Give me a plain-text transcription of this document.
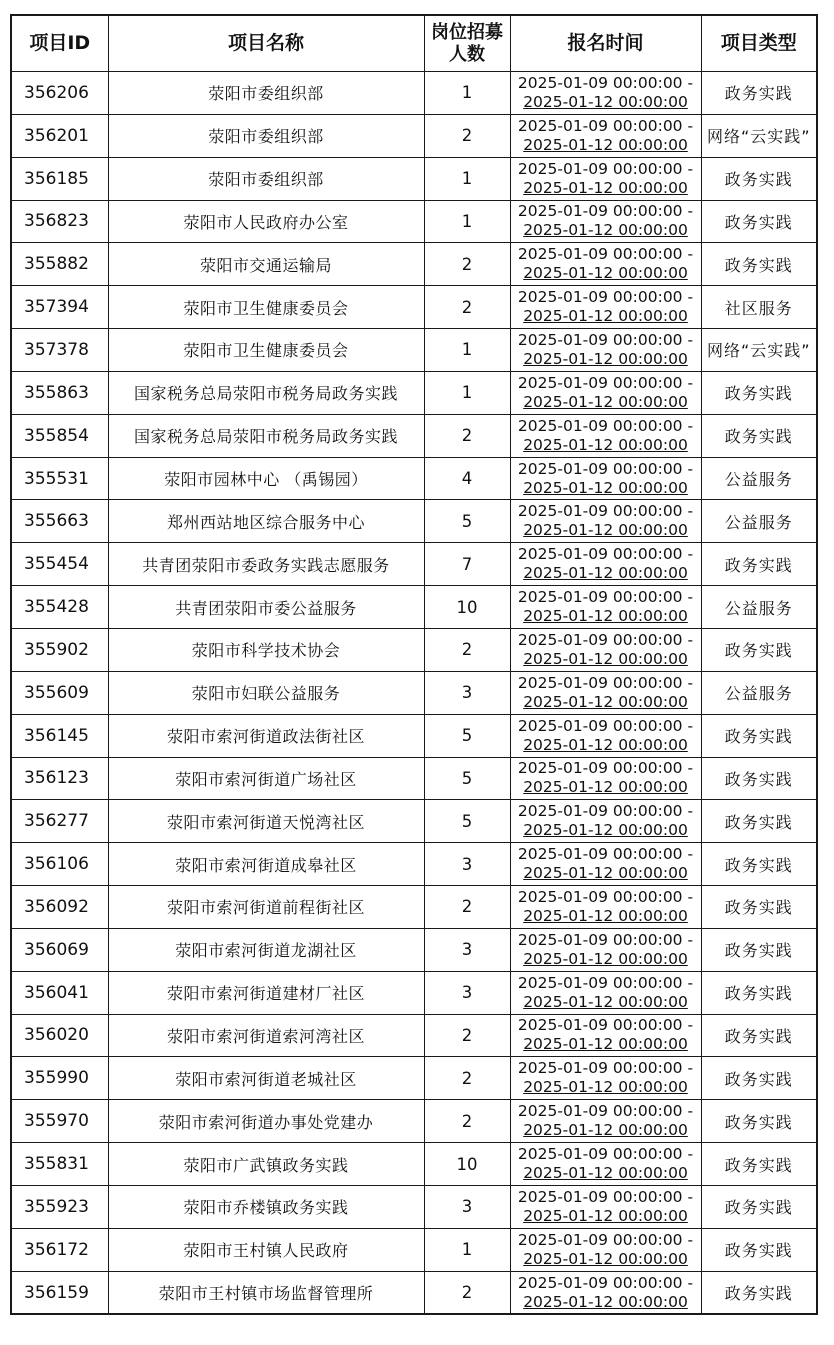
项目ID	项目名称	岗位招募人数	报名时间	项目类型
356206	荥阳市委组织部	1	2025-01-09 00:00:00 -
2025-01-12 00:00:00	政务实践
356201	荥阳市委组织部	2	2025-01-09 00:00:00 -
2025-01-12 00:00:00	网络“云实践”
356185	荥阳市委组织部	1	2025-01-09 00:00:00 -
2025-01-12 00:00:00	政务实践
356823	荥阳市人民政府办公室	1	2025-01-09 00:00:00 -
2025-01-12 00:00:00	政务实践
355882	荥阳市交通运输局	2	2025-01-09 00:00:00 -
2025-01-12 00:00:00	政务实践
357394	荥阳市卫生健康委员会	2	2025-01-09 00:00:00 -
2025-01-12 00:00:00	社区服务
357378	荥阳市卫生健康委员会	1	2025-01-09 00:00:00 -
2025-01-12 00:00:00	网络“云实践”
355863	国家税务总局荥阳市税务局政务实践	1	2025-01-09 00:00:00 -
2025-01-12 00:00:00	政务实践
355854	国家税务总局荥阳市税务局政务实践	2	2025-01-09 00:00:00 -
2025-01-12 00:00:00	政务实践
355531	荥阳市园林中心 （禹锡园）	4	2025-01-09 00:00:00 -
2025-01-12 00:00:00	公益服务
355663	郑州西站地区综合服务中心	5	2025-01-09 00:00:00 -
2025-01-12 00:00:00	公益服务
355454	共青团荥阳市委政务实践志愿服务	7	2025-01-09 00:00:00 -
2025-01-12 00:00:00	政务实践
355428	共青团荥阳市委公益服务	10	2025-01-09 00:00:00 -
2025-01-12 00:00:00	公益服务
355902	荥阳市科学技术协会	2	2025-01-09 00:00:00 -
2025-01-12 00:00:00	政务实践
355609	荥阳市妇联公益服务	3	2025-01-09 00:00:00 -
2025-01-12 00:00:00	公益服务
356145	荥阳市索河街道政法街社区	5	2025-01-09 00:00:00 -
2025-01-12 00:00:00	政务实践
356123	荥阳市索河街道广场社区	5	2025-01-09 00:00:00 -
2025-01-12 00:00:00	政务实践
356277	荥阳市索河街道天悦湾社区	5	2025-01-09 00:00:00 -
2025-01-12 00:00:00	政务实践
356106	荥阳市索河街道成皋社区	3	2025-01-09 00:00:00 -
2025-01-12 00:00:00	政务实践
356092	荥阳市索河街道前程街社区	2	2025-01-09 00:00:00 -
2025-01-12 00:00:00	政务实践
356069	荥阳市索河街道龙湖社区	3	2025-01-09 00:00:00 -
2025-01-12 00:00:00	政务实践
356041	荥阳市索河街道建材厂社区	3	2025-01-09 00:00:00 -
2025-01-12 00:00:00	政务实践
356020	荥阳市索河街道索河湾社区	2	2025-01-09 00:00:00 -
2025-01-12 00:00:00	政务实践
355990	荥阳市索河街道老城社区	2	2025-01-09 00:00:00 -
2025-01-12 00:00:00	政务实践
355970	荥阳市索河街道办事处党建办	2	2025-01-09 00:00:00 -
2025-01-12 00:00:00	政务实践
355831	荥阳市广武镇政务实践	10	2025-01-09 00:00:00 -
2025-01-12 00:00:00	政务实践
355923	荥阳市乔楼镇政务实践	3	2025-01-09 00:00:00 -
2025-01-12 00:00:00	政务实践
356172	荥阳市王村镇人民政府	1	2025-01-09 00:00:00 -
2025-01-12 00:00:00	政务实践
356159	荥阳市王村镇市场监督管理所	2	2025-01-09 00:00:00 -
2025-01-12 00:00:00	政务实践
